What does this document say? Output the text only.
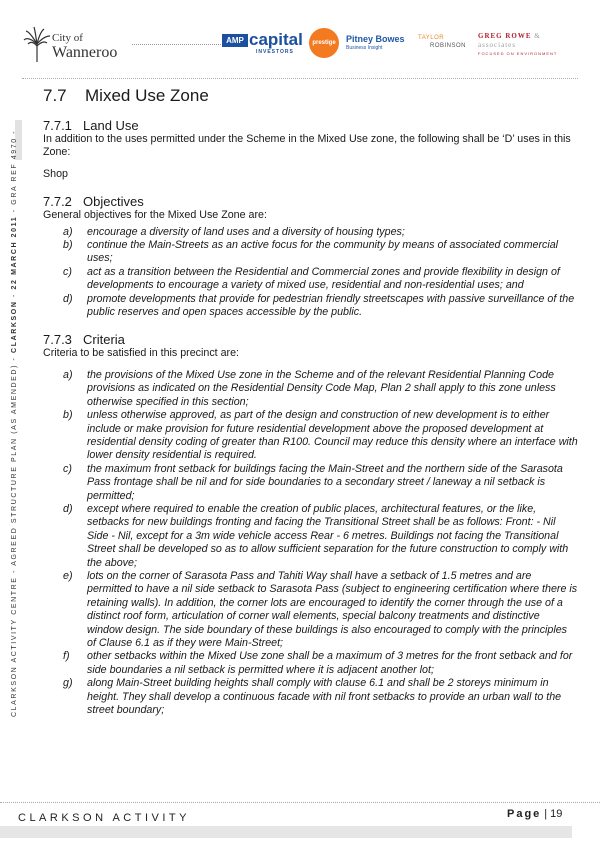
City of
Wanneroo
AMP capital
INVESTORS
prestige	Pitney Bowes
Business Insight
TAYLOR
ROBINSON
GREG ROWE & associates
FOCUSED ON ENVIRONMENT
CLARKSON ACTIVITY CENTRE - AGREED STRUCTURE PLAN (AS AMENDED) - CLARKSON - 22 MARCH 2011 - GRA REF 4970 -
7.7 Mixed Use Zone
7.7.1 Land Use
In addition to the uses permitted under the Scheme in the Mixed Use zone, the following shall be ‘D’ uses in this Zone:
Shop
7.7.2 Objectives
General objectives for the Mixed Use Zone are:
a) encourage a diversity of land uses and a diversity of housing types;
b) continue the Main-Streets as an active focus for the community by means of associated commercial uses;
c) act as a transition between the Residential and Commercial zones and provide flexibility in design of developments to encourage a variety of mixed use, residential and non-residential uses; and
d) promote developments that provide for pedestrian friendly streetscapes with passive surveillance of the public reserves and open spaces accessible by the public.
7.7.3 Criteria
Criteria to be satisfied in this precinct are:
a) the provisions of the Mixed Use zone in the Scheme and of the relevant Residential Planning Code provisions as indicated on the Residential Density Code Map, Plan 2 shall apply to this zone unless otherwise specified in this section;
b) unless otherwise approved, as part of the design and construction of new development is to either include or make provision for future residential development above the proposed development at residential density coding of greater than R100. Council may reduce this density where an interface with lower density residential is required.
c) the maximum front setback for buildings facing the Main-Street and the northern side of the Sarasota Pass frontage shall be nil and for side boundaries to a secondary street / laneway a nil setback is permitted;
d) except where required to enable the creation of public places, architectural features, or the like, setbacks for new buildings fronting and facing the Transitional Street shall be as follows: Front: - Nil Side - Nil, except for a 3m wide vehicle access Rear - 6 metres. Buildings not facing the Transitional Street shall be developed so as to allow sufficient separation for the future construction to comply with the above;
e) lots on the corner of Sarasota Pass and Tahiti Way shall have a setback of 1.5 metres and are permitted to have a nil side setback to Sarasota Pass (subject to engineering certification where there is retaining walls). In addition, the corner lots are encouraged to identify the corner through the use of a distinct roof form, articulation of corner wall elements, special balcony treatments and distinctive window design. The side boundary of these buildings is also encouraged to comply with the principles of Clause 6.1 as if they were Main-Street;
f) other setbacks within the Mixed Use zone shall be a maximum of 3 metres for the front setback and for side boundaries a nil setback is permitted where it is adjacent another lot;
g) along Main-Street building heights shall comply with clause 6.1 and shall be 2 storeys minimum in height. They shall develop a continuous facade with nil front setbacks to provide an urban wall to the street boundary;
CLARKSON ACTIVITY	Page | 19
